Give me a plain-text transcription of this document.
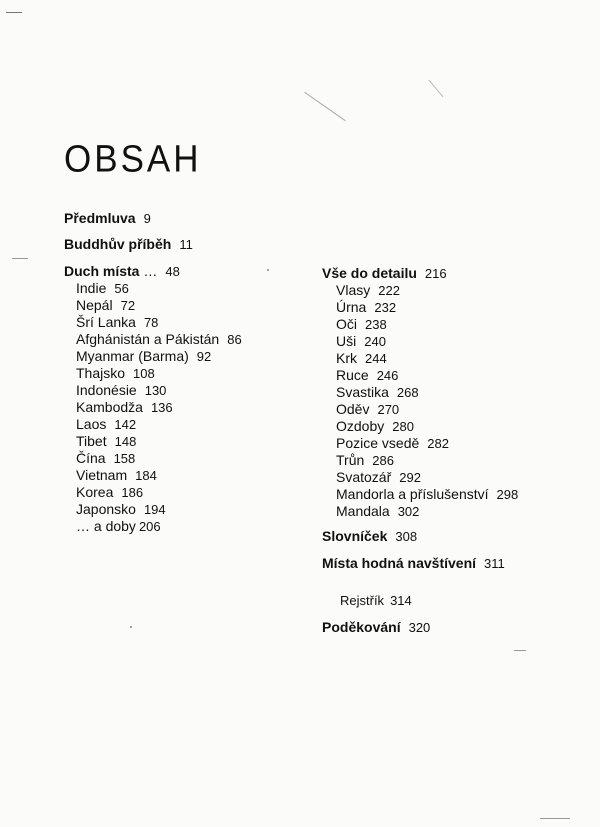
OBSAH
Předmluva 9
Buddhův příběh 11
Duch místa … 48
Indie 56
Nepál 72
Šrí Lanka 78
Afghánistán a Pákistán 86
Myanmar (Barma) 92
Thajsko 108
Indonésie 130
Kambodža 136
Laos 142
Tibet 148
Čína 158
Vietnam 184
Korea 186
Japonsko 194
… a doby 206
Vše do detailu 216
Vlasy 222
Úrna 232
Oči 238
Uši 240
Krk 244
Ruce 246
Svastika 268
Oděv 270
Ozdoby 280
Pozice vsedě 282
Trůn 286
Svatozář 292
Mandorla a příslušenství 298
Mandala 302
Slovníček 308
Místa hodná navštívení 311
Rejstřík 314
Poděkování 320
